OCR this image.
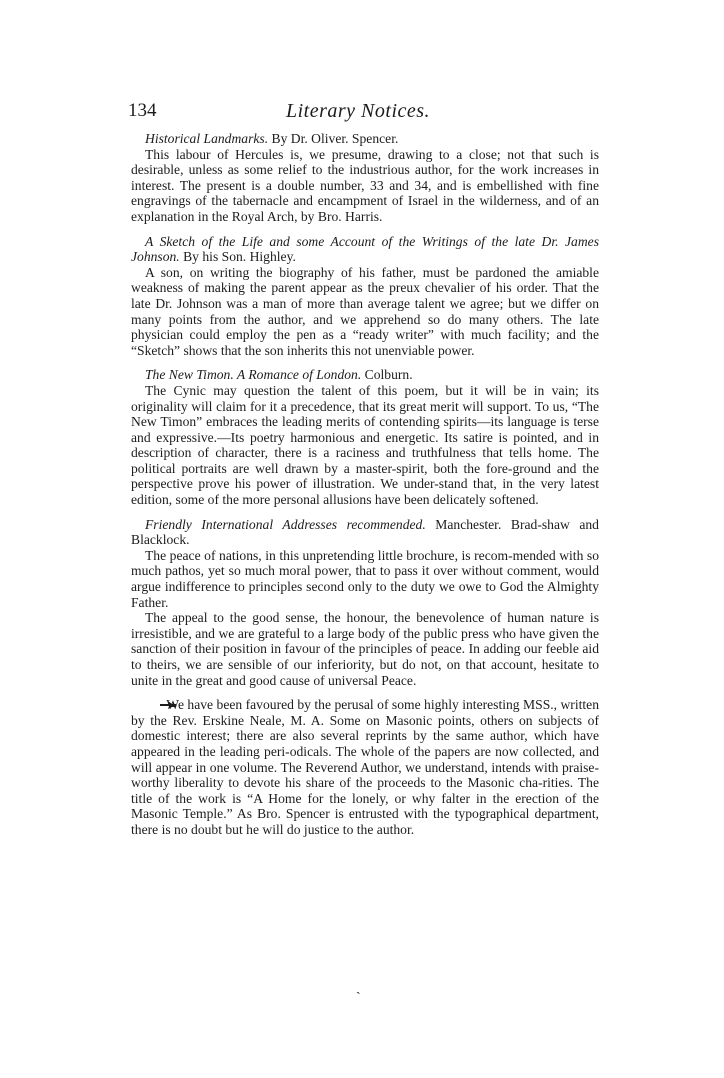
134	Literary Notices.

Historical Landmarks. By Dr. Oliver. Spencer.

This labour of Hercules is, we presume, drawing to a close; not that such is desirable, unless as some relief to the industrious author, for the work increases in interest. The present is a double number, 33 and 34, and is embellished with fine engravings of the tabernacle and encampment of Israel in the wilderness, and of an explanation in the Royal Arch, by Bro. Harris.

A Sketch of the Life and some Account of the Writings of the late Dr. James Johnson. By his Son. Highley.

A son, on writing the biography of his father, must be pardoned the amiable weakness of making the parent appear as the preux chevalier of his order. That the late Dr. Johnson was a man of more than average talent we agree; but we differ on many points from the author, and we apprehend so do many others. The late physician could employ the pen as a “ready writer” with much facility; and the “Sketch” shows that the son inherits this not unenviable power.

The New Timon. A Romance of London. Colburn.

The Cynic may question the talent of this poem, but it will be in vain; its originality will claim for it a precedence, that its great merit will support. To us, “The New Timon” embraces the leading merits of contending spirits—its language is terse and expressive.—Its poetry harmonious and energetic. Its satire is pointed, and in description of character, there is a raciness and truthfulness that tells home. The political portraits are well drawn by a master-spirit, both the fore-ground and the perspective prove his power of illustration. We under-stand that, in the very latest edition, some of the more personal allusions have been delicately softened.

Friendly International Addresses recommended. Manchester. Brad-shaw and Blacklock.

The peace of nations, in this unpretending little brochure, is recom-mended with so much pathos, yet so much moral power, that to pass it over without comment, would argue indifference to principles second only to the duty we owe to God the Almighty Father.

The appeal to the good sense, the honour, the benevolence of human nature is irresistible, and we are grateful to a large body of the public press who have given the sanction of their position in favour of the principles of peace. In adding our feeble aid to theirs, we are sensible of our inferiority, but do not, on that account, hesitate to unite in the great and good cause of universal Peace.

We have been favoured by the perusal of some highly interesting MSS., written by the Rev. Erskine Neale, M. A. Some on Masonic points, others on subjects of domestic interest; there are also several reprints by the same author, which have appeared in the leading peri-odicals. The whole of the papers are now collected, and will appear in one volume. The Reverend Author, we understand, intends with praise-worthy liberality to devote his share of the proceeds to the Masonic cha-rities. The title of the work is “A Home for the lonely, or why falter in the erection of the Masonic Temple.” As Bro. Spencer is entrusted with the typographical department, there is no doubt but he will do justice to the author.

ˏ
